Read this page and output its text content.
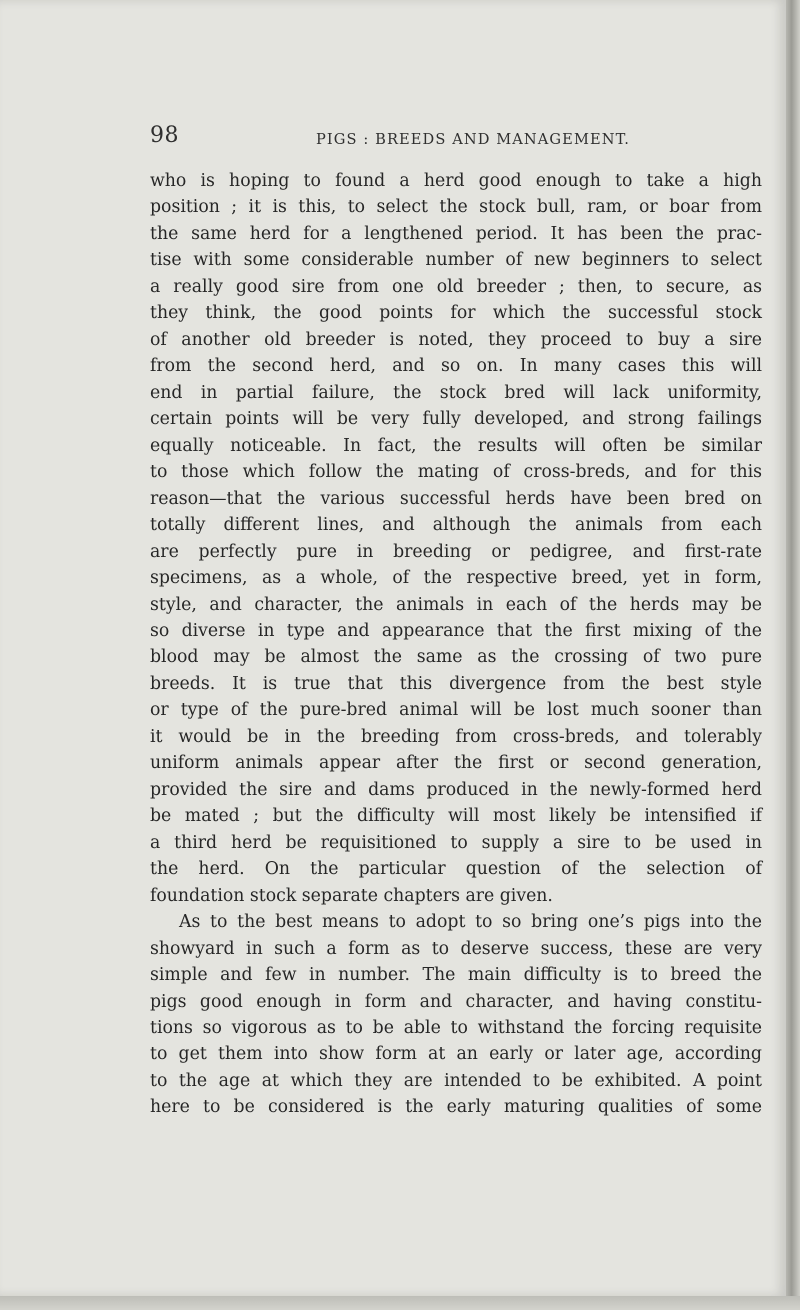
98	PIGS : BREEDS AND MANAGEMENT.
who is hoping to found a herd good enough to take a high
position ; it is this, to select the stock bull, ram, or boar from
the same herd for a lengthened period. It has been the prac-
tise with some considerable number of new beginners to select
a really good sire from one old breeder ; then, to secure, as
they think, the good points for which the successful stock
of another old breeder is noted, they proceed to buy a sire
from the second herd, and so on. In many cases this will
end in partial failure, the stock bred will lack uniformity,
certain points will be very fully developed, and strong failings
equally noticeable. In fact, the results will often be similar
to those which follow the mating of cross-breds, and for this
reason—that the various successful herds have been bred on
totally different lines, and although the animals from each
are perfectly pure in breeding or pedigree, and first-rate
specimens, as a whole, of the respective breed, yet in form,
style, and character, the animals in each of the herds may be
so diverse in type and appearance that the first mixing of the
blood may be almost the same as the crossing of two pure
breeds. It is true that this divergence from the best style
or type of the pure-bred animal will be lost much sooner than
it would be in the breeding from cross-breds, and tolerably
uniform animals appear after the first or second generation,
provided the sire and dams produced in the newly-formed herd
be mated ; but the difficulty will most likely be intensified if
a third herd be requisitioned to supply a sire to be used in
the herd. On the particular question of the selection of
foundation stock separate chapters are given.
As to the best means to adopt to so bring one’s pigs into the
showyard in such a form as to deserve success, these are very
simple and few in number. The main difficulty is to breed the
pigs good enough in form and character, and having constitu-
tions so vigorous as to be able to withstand the forcing requisite
to get them into show form at an early or later age, according
to the age at which they are intended to be exhibited. A point
here to be considered is the early maturing qualities of some
